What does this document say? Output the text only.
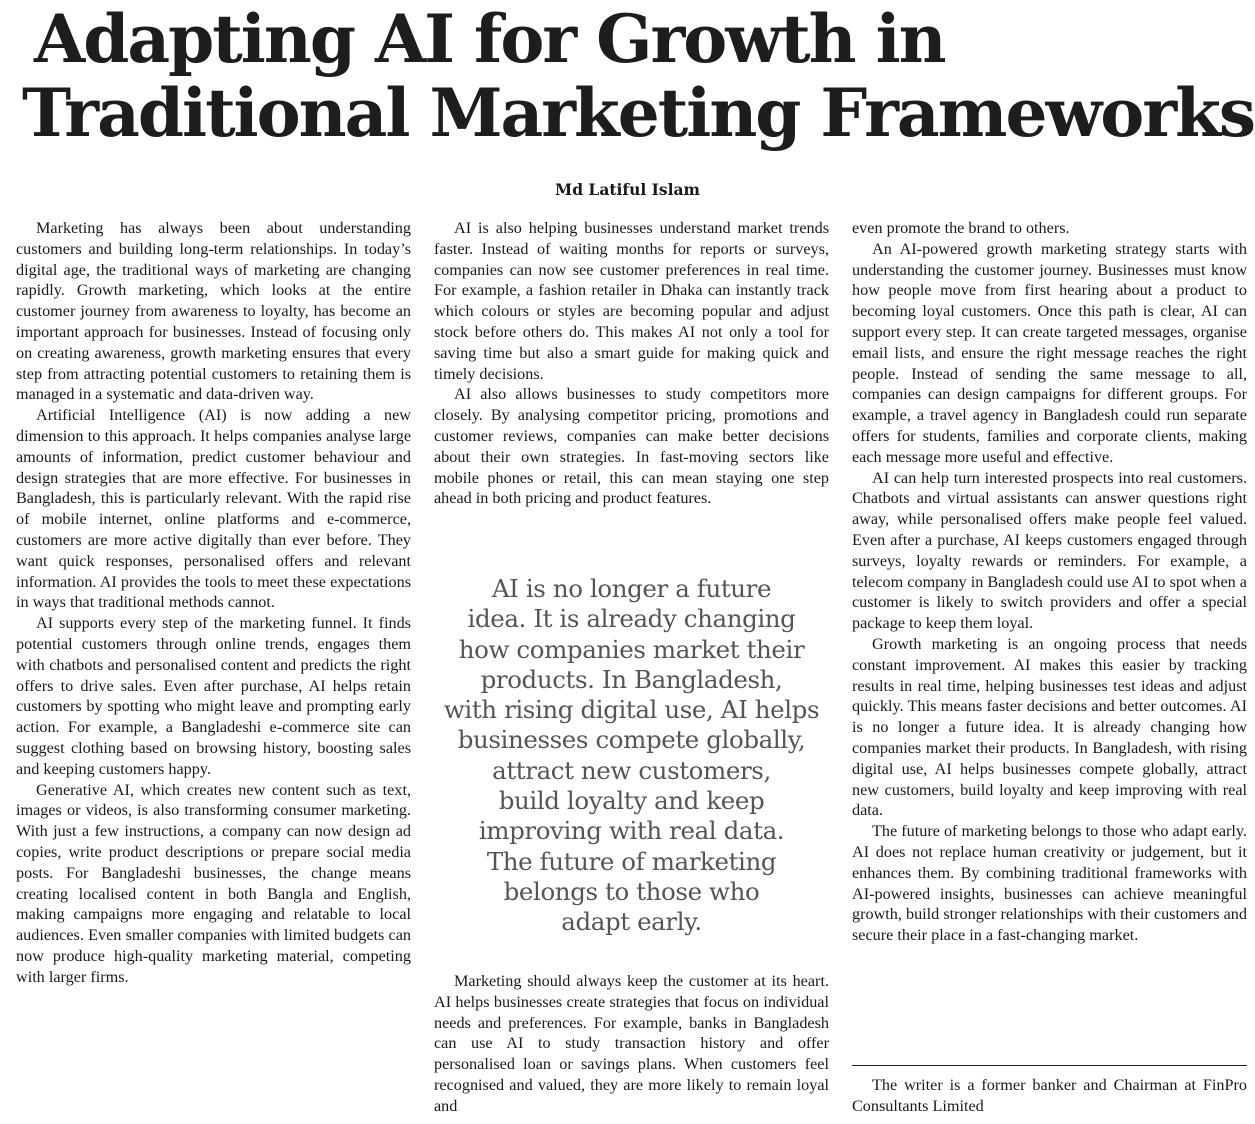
Adapting AI for Growth in
Traditional Marketing Frameworks
Md Latiful Islam

Marketing has always been about understanding customers and building long-term relationships. In today’s digital age, the traditional ways of marketing are changing rapidly. Growth marketing, which looks at the entire customer journey from awareness to loyalty, has become an important approach for businesses. Instead of focusing only on creating awareness, growth marketing ensures that every step from attracting potential customers to retaining them is managed in a systematic and data-driven way.

Artificial Intelligence (AI) is now adding a new dimension to this approach. It helps companies analyse large amounts of information, predict customer behaviour and design strategies that are more effective. For businesses in Bangladesh, this is particularly relevant. With the rapid rise of mobile internet, online platforms and e-commerce, customers are more active digitally than ever before. They want quick responses, personalised offers and relevant information. AI provides the tools to meet these expectations in ways that traditional methods cannot.

AI supports every step of the marketing funnel. It finds potential customers through online trends, engages them with chatbots and personalised content and predicts the right offers to drive sales. Even after purchase, AI helps retain customers by spotting who might leave and prompting early action. For example, a Bangladeshi e-commerce site can suggest clothing based on browsing history, boosting sales and keeping customers happy.

Generative AI, which creates new content such as text, images or videos, is also transforming consumer marketing. With just a few instructions, a company can now design ad copies, write product descriptions or prepare social media posts. For Bangladeshi businesses, the change means creating localised content in both Bangla and English, making campaigns more engaging and relatable to local audiences. Even smaller companies with limited budgets can now produce high-quality marketing material, competing with larger firms.

AI is also helping businesses understand market trends faster. Instead of waiting months for reports or surveys, companies can now see customer preferences in real time. For example, a fashion retailer in Dhaka can instantly track which colours or styles are becoming popular and adjust stock before others do. This makes AI not only a tool for saving time but also a smart guide for making quick and timely decisions.

AI also allows businesses to study competitors more closely. By analysing competitor pricing, promotions and customer reviews, companies can make better decisions about their own strategies. In fast-moving sectors like mobile phones or retail, this can mean staying one step ahead in both pricing and product features.

AI is no longer a future
idea. It is already changing
how companies market their
products. In Bangladesh,
with rising digital use, AI helps
businesses compete globally,
attract new customers,
build loyalty and keep
improving with real data.
The future of marketing
belongs to those who
adapt early.

Marketing should always keep the customer at its heart. AI helps businesses create strategies that focus on individual needs and preferences. For example, banks in Bangladesh can use AI to study transaction history and offer personalised loan or savings plans. When customers feel recognised and valued, they are more likely to remain loyal and

even promote the brand to others.

An AI-powered growth marketing strategy starts with understanding the customer journey. Businesses must know how people move from first hearing about a product to becoming loyal customers. Once this path is clear, AI can support every step. It can create targeted messages, organise email lists, and ensure the right message reaches the right people. Instead of sending the same message to all, companies can design campaigns for different groups. For example, a travel agency in Bangladesh could run separate offers for students, families and corporate clients, making each message more useful and effective.

AI can help turn interested prospects into real customers. Chatbots and virtual assistants can answer questions right away, while personalised offers make people feel valued. Even after a purchase, AI keeps customers engaged through surveys, loyalty rewards or reminders. For example, a telecom company in Bangladesh could use AI to spot when a customer is likely to switch providers and offer a special package to keep them loyal.

Growth marketing is an ongoing process that needs constant improvement. AI makes this easier by tracking results in real time, helping businesses test ideas and adjust quickly. This means faster decisions and better outcomes. AI is no longer a future idea. It is already changing how companies market their products. In Bangladesh, with rising digital use, AI helps businesses compete globally, attract new customers, build loyalty and keep improving with real data.

The future of marketing belongs to those who adapt early. AI does not replace human creativity or judgement, but it enhances them. By combining traditional frameworks with AI-powered insights, businesses can achieve meaningful growth, build stronger relationships with their customers and secure their place in a fast-changing market.

The writer is a former banker and Chairman at FinPro Consultants Limited
